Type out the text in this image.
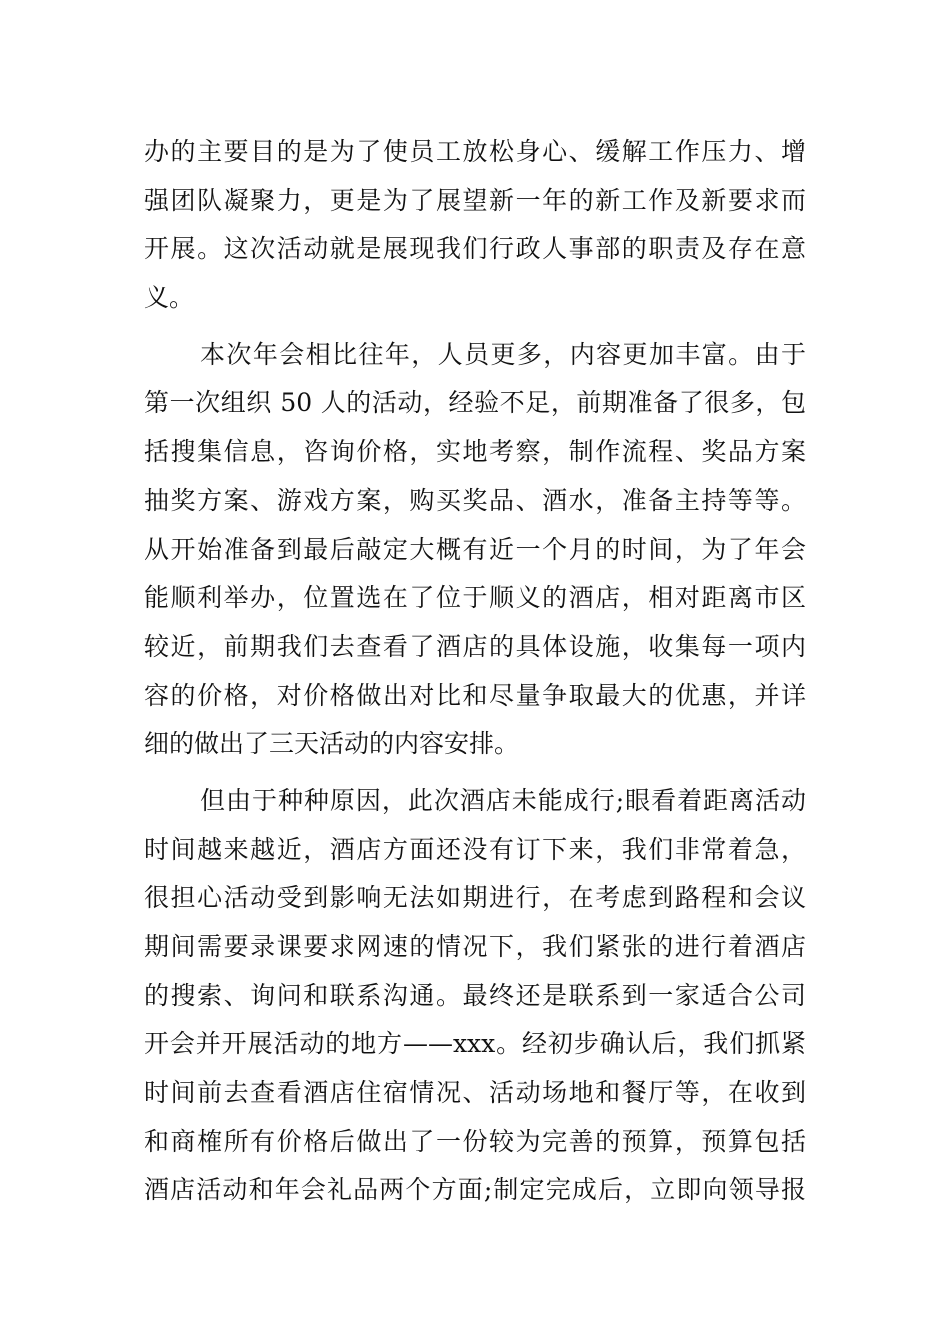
办的主要目的是为了使员工放松身心、缓解工作压力、增
强团队凝聚力，更是为了展望新一年的新工作及新要求而
开展。这次活动就是展现我们行政人事部的职责及存在意
义。
本次年会相比往年，人员更多，内容更加丰富。由于
第一次组织 50 人的活动，经验不足，前期准备了很多，包
括搜集信息，咨询价格，实地考察，制作流程、奖品方案
抽奖方案、游戏方案，购买奖品、酒水，准备主持等等。
从开始准备到最后敲定大概有近一个月的时间，为了年会
能顺利举办，位置选在了位于顺义的酒店，相对距离市区
较近，前期我们去查看了酒店的具体设施，收集每一项内
容的价格，对价格做出对比和尽量争取最大的优惠，并详
细的做出了三天活动的内容安排。
但由于种种原因，此次酒店未能成行;眼看着距离活动
时间越来越近，酒店方面还没有订下来，我们非常着急，
很担心活动受到影响无法如期进行，在考虑到路程和会议
期间需要录课要求网速的情况下，我们紧张的进行着酒店
的搜索、询问和联系沟通。最终还是联系到一家适合公司
开会并开展活动的地方——xxx。经初步确认后，我们抓紧
时间前去查看酒店住宿情况、活动场地和餐厅等，在收到
和商榷所有价格后做出了一份较为完善的预算，预算包括
酒店活动和年会礼品两个方面;制定完成后，立即向领导报
